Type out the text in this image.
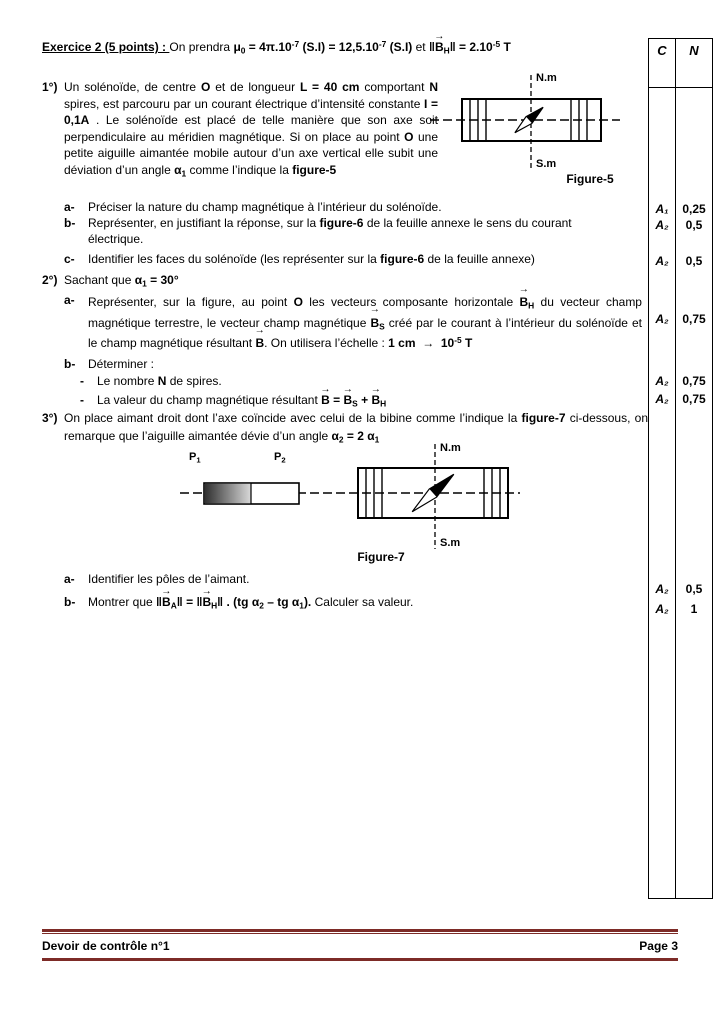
Exercice 2 (5 points) : On prendra $\mu_0 = 4\pi.10^{-7}$ $(S.I) = 12,5.10^{-7}$ (S.I) et ‖B $\to_H‖ = 2.10^{-5}$ T
1°) Un solénoïde, de centre O et de longueur L = 40 cm comportant N spires, est parcouru par un courant électrique d’intensité constante I = 0,1A . Le solénoïde est placé de telle manière que son axe soit perpendiculaire au méridien magnétique. Si on place au point O une petite aiguille aimantée mobile autour d’un axe vertical elle subit une déviation d’un angle $\alpha_1$ comme l’indique la figure-5
N.m
S.m
Figure-5
a- Préciser la nature du champ magnétique à l’intérieur du solénoïde.
b- Représenter, en justifiant la réponse, sur la figure-6 de la feuille annexe le sens du courant électrique.
c- Identifier les faces du solénoïde (les représenter sur la figure-6 de la feuille annexe)
2°) Sachant que $\alpha_1 = 30^\circ$
a- Représenter, sur la figure, au point O les vecteurs composante horizontale $B \to_H$ du vecteur champ magnétique terrestre, le vecteur champ magnétique $B \to_S$ créé par le courant à l’intérieur du solénoïde et le champ magnétique résultant B →. On utilisera l’échelle : 1 cm  →  $10^{-5}$ T
b- Déterminer :
- Le nombre N de spires.
- La valeur du champ magnétique résultant B → = $B \to_S + B \to_H$
3°) On place aimant droit dont l’axe coïncide avec celui de la bibine comme l’indique la figure-7 ci-dessous, on remarque que l’aiguille aimantée dévie d’un angle $\alpha_2 = 2$ $\alpha_1$
$P_1$	$P_2$
N.m
S.m
Figure-7
a- Identifier les pôles de l’aimant.
b- Montrer que ‖B $\to_A‖$ = ‖B $\to_H‖$ . (tg $\alpha_2$ – tg $\alpha_1$). Calculer sa valeur.
C	N
A₁	0,25
A₂	0,5
A₂	0,5
A₂	0,75
A₂	0,75
A₂	0,75
A₂	0,5
A₂	1
Devoir de contrôle n°1	Page 3
